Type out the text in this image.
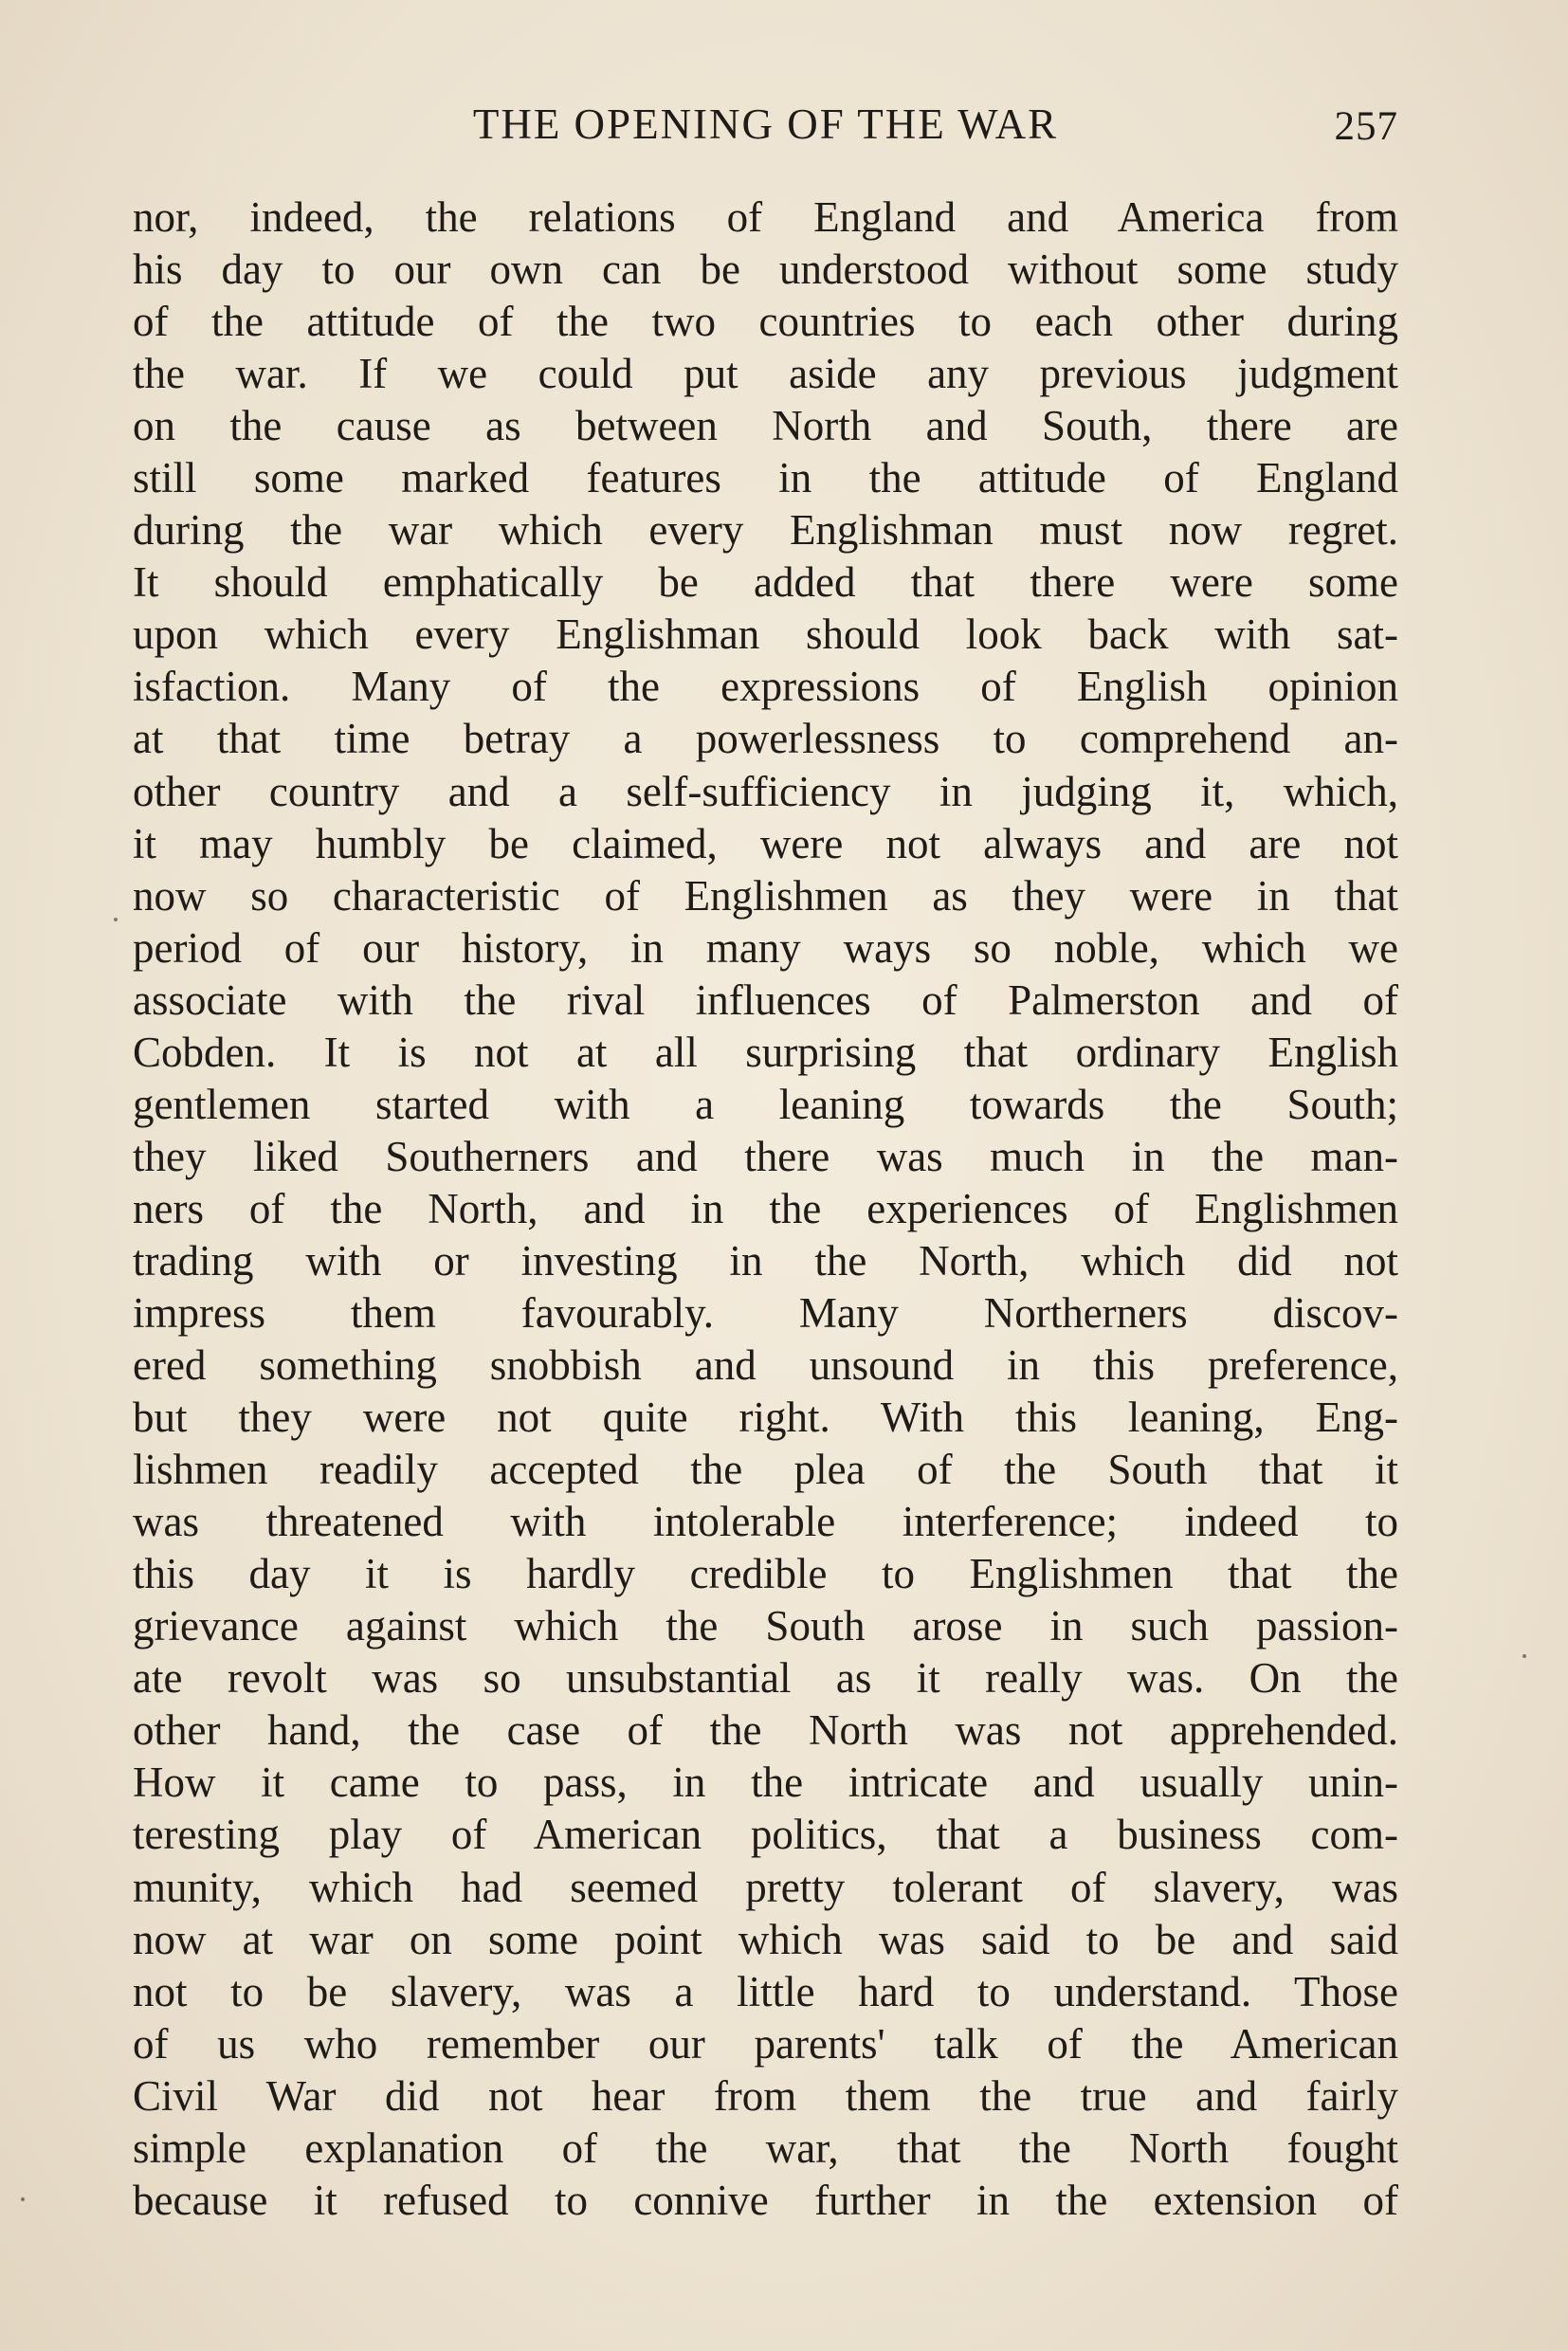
THE OPENING OF THE WAR	257
nor, indeed, the relations of England and America from
his day to our own can be understood without some study
of the attitude of the two countries to each other during
the war. If we could put aside any previous judgment
on the cause as between North and South, there are
still some marked features in the attitude of England
during the war which every Englishman must now regret.
It should emphatically be added that there were some
upon which every Englishman should look back with sat-
isfaction. Many of the expressions of English opinion
at that time betray a powerlessness to comprehend an-
other country and a self-sufficiency in judging it, which,
it may humbly be claimed, were not always and are not
now so characteristic of Englishmen as they were in that
period of our history, in many ways so noble, which we
associate with the rival influences of Palmerston and of
Cobden. It is not at all surprising that ordinary English
gentlemen started with a leaning towards the South;
they liked Southerners and there was much in the man-
ners of the North, and in the experiences of Englishmen
trading with or investing in the North, which did not
impress them favourably. Many Northerners discov-
ered something snobbish and unsound in this preference,
but they were not quite right. With this leaning, Eng-
lishmen readily accepted the plea of the South that it
was threatened with intolerable interference; indeed to
this day it is hardly credible to Englishmen that the
grievance against which the South arose in such passion-
ate revolt was so unsubstantial as it really was. On the
other hand, the case of the North was not apprehended.
How it came to pass, in the intricate and usually unin-
teresting play of American politics, that a business com-
munity, which had seemed pretty tolerant of slavery, was
now at war on some point which was said to be and said
not to be slavery, was a little hard to understand. Those
of us who remember our parents' talk of the American
Civil War did not hear from them the true and fairly
simple explanation of the war, that the North fought
because it refused to connive further in the extension of
